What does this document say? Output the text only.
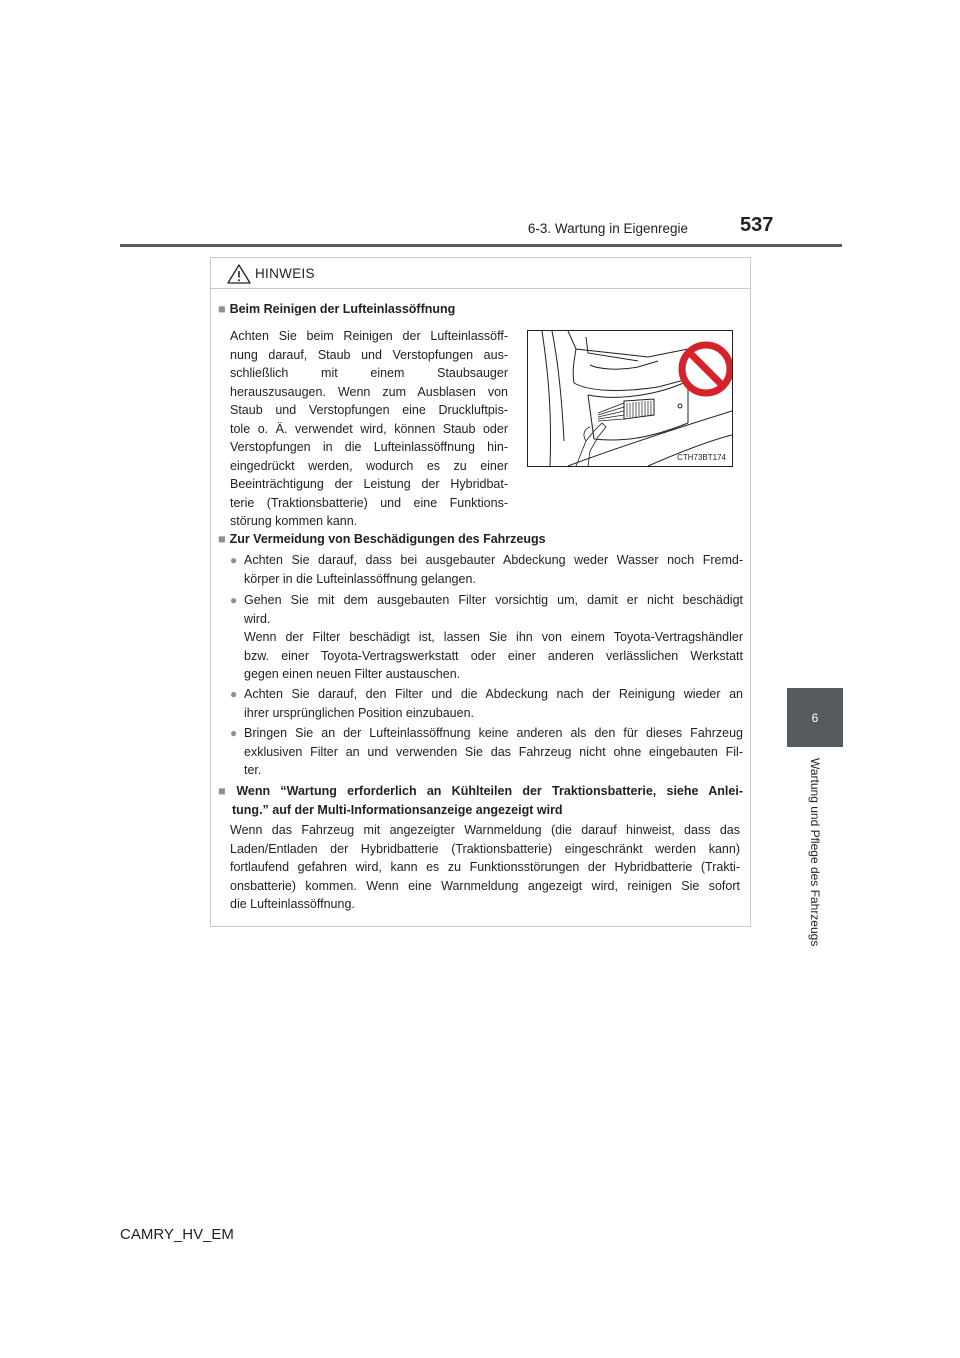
6-3. Wartung in Eigenregie	537
6
Wartung und Pflege des Fahrzeugs
HINWEIS
■ Beim Reinigen der Lufteinlassöffnung
Achten Sie beim Reinigen der Lufteinlassöff-
nung darauf, Staub und Verstopfungen aus-
schließlich mit einem Staubsauger
herauszusaugen. Wenn zum Ausblasen von
Staub und Verstopfungen eine Druckluftpis-
tole o. Ä. verwendet wird, können Staub oder
Verstopfungen in die Lufteinlassöffnung hin-
eingedrückt werden, wodurch es zu einer
Beeinträchtigung der Leistung der Hybridbat-
terie (Traktionsbatterie) und eine Funktions-
störung kommen kann.
CTH73BT174
■ Zur Vermeidung von Beschädigungen des Fahrzeugs
● Achten Sie darauf, dass bei ausgebauter Abdeckung weder Wasser noch Fremd-
körper in die Lufteinlassöffnung gelangen.
● Gehen Sie mit dem ausgebauten Filter vorsichtig um, damit er nicht beschädigt
wird.
Wenn der Filter beschädigt ist, lassen Sie ihn von einem Toyota-Vertragshändler
bzw. einer Toyota-Vertragswerkstatt oder einer anderen verlässlichen Werkstatt
gegen einen neuen Filter austauschen.
● Achten Sie darauf, den Filter und die Abdeckung nach der Reinigung wieder an
ihrer ursprünglichen Position einzubauen.
● Bringen Sie an der Lufteinlassöffnung keine anderen als den für dieses Fahrzeug
exklusiven Filter an und verwenden Sie das Fahrzeug nicht ohne eingebauten Fil-
ter.
■ Wenn “Wartung erforderlich an Kühlteilen der Traktionsbatterie, siehe Anlei-
tung.” auf der Multi-Informationsanzeige angezeigt wird
Wenn das Fahrzeug mit angezeigter Warnmeldung (die darauf hinweist, dass das
Laden/Entladen der Hybridbatterie (Traktionsbatterie) eingeschränkt werden kann)
fortlaufend gefahren wird, kann es zu Funktionsstörungen der Hybridbatterie (Trakti-
onsbatterie) kommen. Wenn eine Warnmeldung angezeigt wird, reinigen Sie sofort
die Lufteinlassöffnung.
CAMRY_HV_EM
